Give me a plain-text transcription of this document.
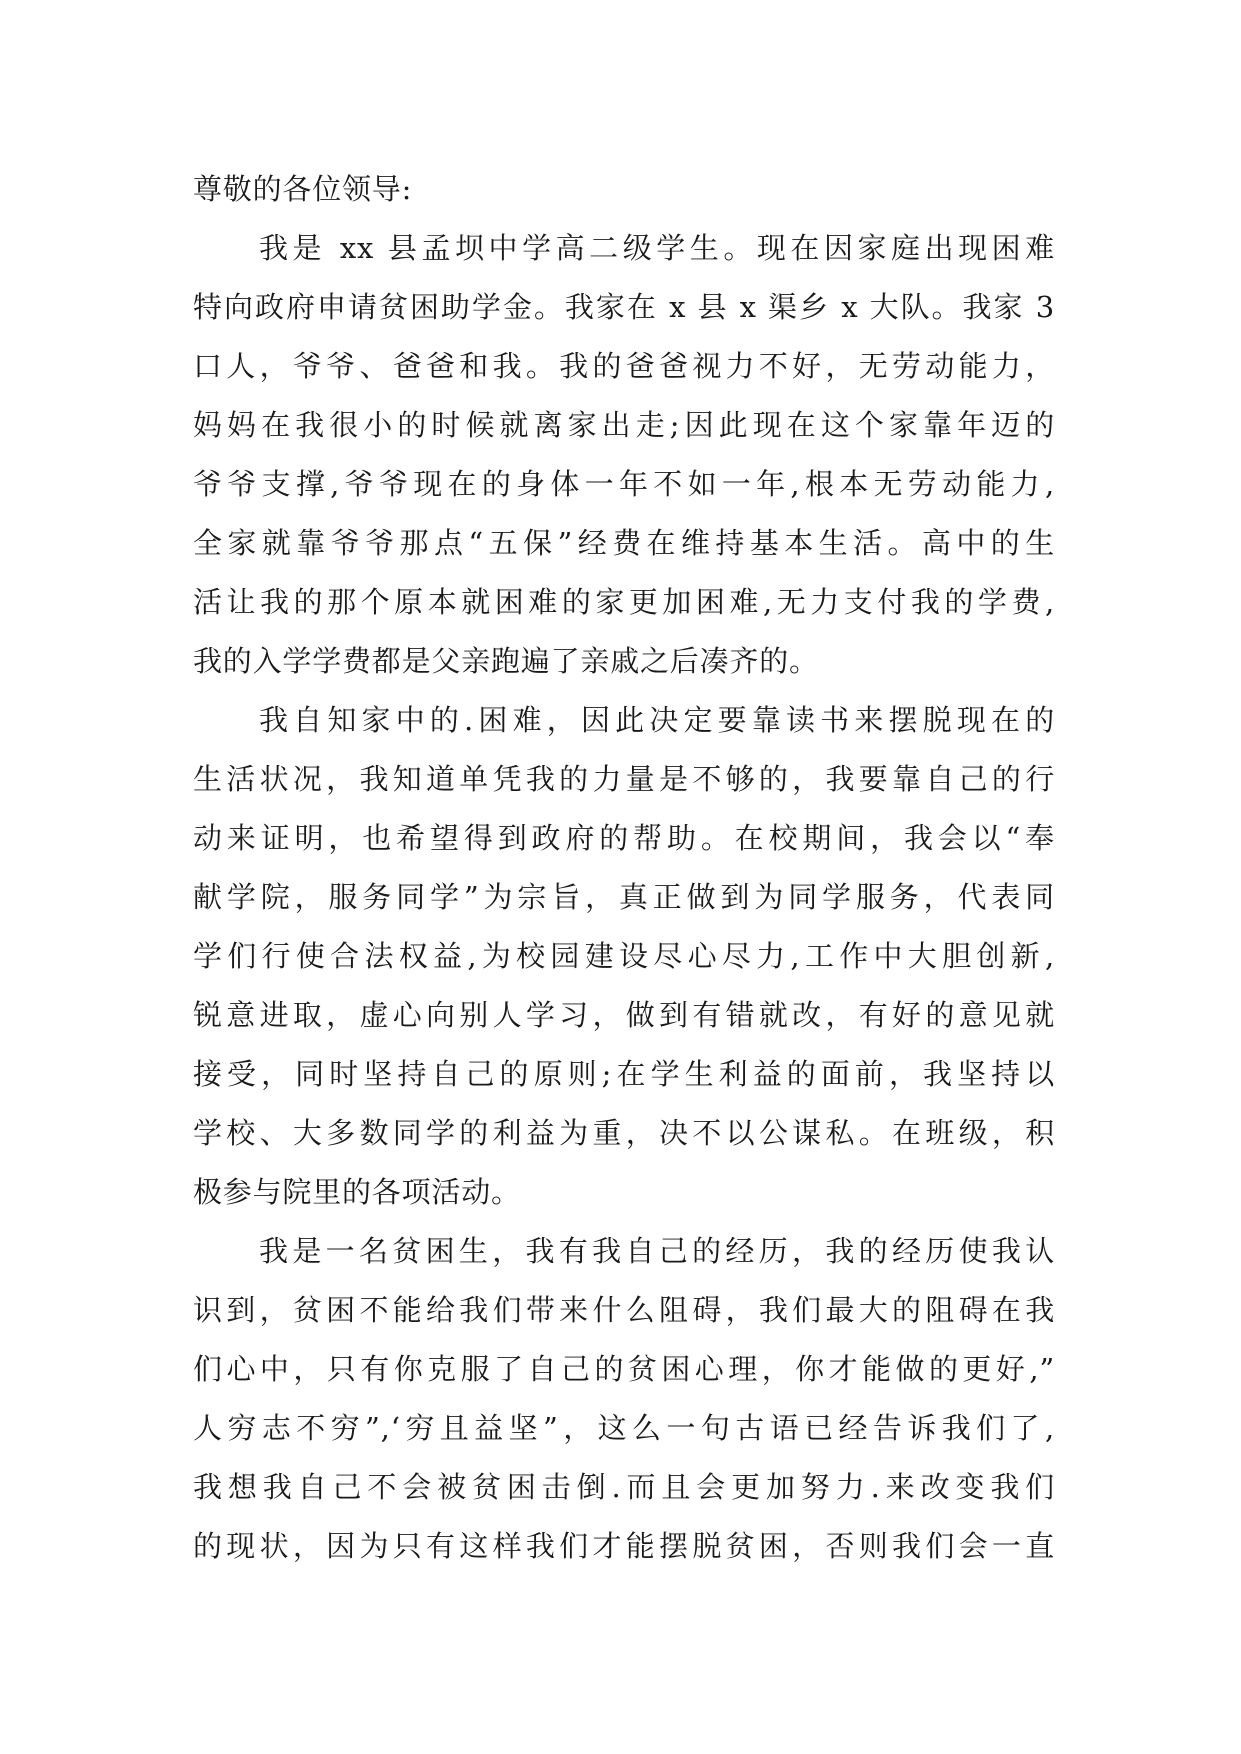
尊敬的各位领导:
我是 xx 县孟坝中学高二级学生。现在因家庭出现困难
特向政府申请贫困助学金。我家在 x 县 x 渠乡 x 大队。我家 3
口人，爷爷、爸爸和我。我的爸爸视力不好，无劳动能力，
妈妈在我很小的时候就离家出走;因此现在这个家靠年迈的
爷爷支撑,爷爷现在的身体一年不如一年,根本无劳动能力,
全家就靠爷爷那点“五保”经费在维持基本生活。高中的生
活让我的那个原本就困难的家更加困难,无力支付我的学费,
我的入学学费都是父亲跑遍了亲戚之后凑齐的。
我自知家中的.困难，因此决定要靠读书来摆脱现在的
生活状况，我知道单凭我的力量是不够的，我要靠自己的行
动来证明，也希望得到政府的帮助。在校期间，我会以“奉
献学院，服务同学”为宗旨，真正做到为同学服务，代表同
学们行使合法权益,为校园建设尽心尽力,工作中大胆创新,
锐意进取，虚心向别人学习，做到有错就改，有好的意见就
接受，同时坚持自己的原则;在学生利益的面前，我坚持以
学校、大多数同学的利益为重，决不以公谋私。在班级，积
极参与院里的各项活动。
我是一名贫困生，我有我自己的经历，我的经历使我认
识到，贫困不能给我们带来什么阻碍，我们最大的阻碍在我
们心中，只有你克服了自己的贫困心理，你才能做的更好,”
人穷志不穷”,‘穷且益坚”，这么一句古语已经告诉我们了,
我想我自己不会被贫困击倒.而且会更加努力.来改变我们
的现状，因为只有这样我们才能摆脱贫困，否则我们会一直
